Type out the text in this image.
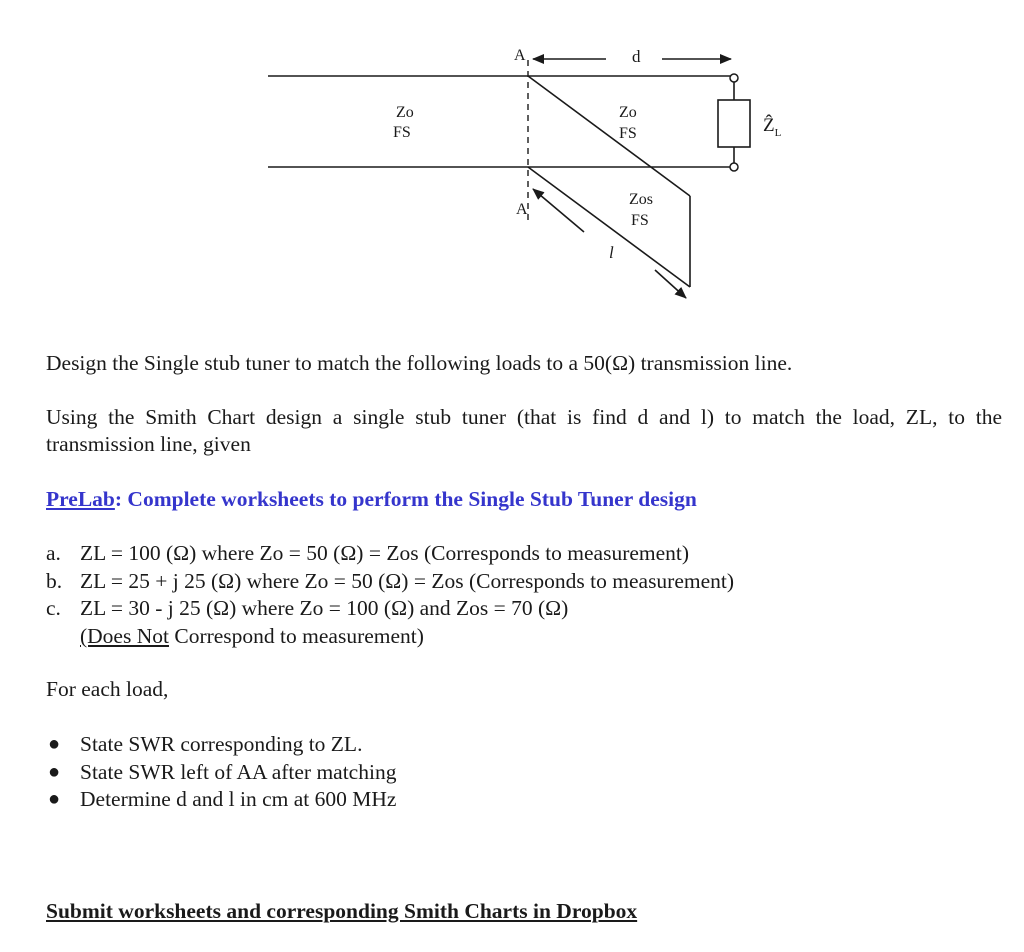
A
A
d
Zo
FS
Zo
FS
Zos
FS
l
Ẑ$_L$

Design the Single stub tuner to match the following loads to a 50(Ω) transmission line.

Using the Smith Chart design a single stub tuner (that is find d and l) to match the load, ZL, to the transmission line, given

PreLab: Complete worksheets to perform the Single Stub Tuner design

a. ZL = 100 (Ω) where Zo = 50 (Ω) = Zos (Corresponds to measurement)
b. ZL = 25 + j 25 (Ω) where Zo = 50 (Ω) = Zos (Corresponds to measurement)
c. ZL = 30 - j 25 (Ω) where Zo = 100 (Ω) and Zos = 70 (Ω)
(Does Not Correspond to measurement)

For each load,

● State SWR corresponding to ZL.
● State SWR left of AA after matching
● Determine d and l in cm at 600 MHz

Submit worksheets and corresponding Smith Charts in Dropbox
